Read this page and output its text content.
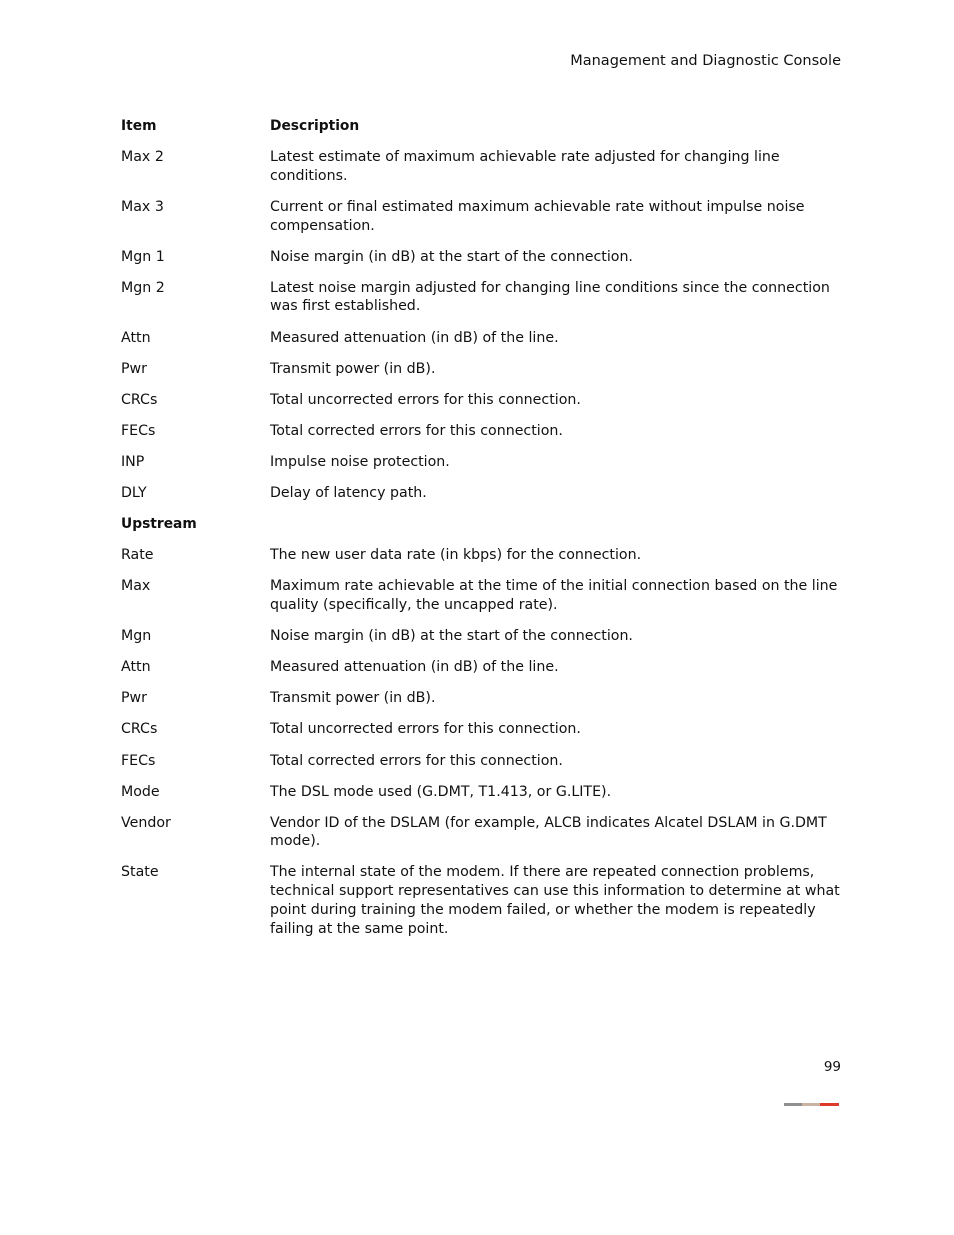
Management and Diagnostic Console
Item	Description
Max 2	Latest estimate of maximum achievable rate adjusted for changing line conditions.
Max 3	Current or final estimated maximum achievable rate without impulse noise compensation.
Mgn 1	Noise margin (in dB) at the start of the connection.
Mgn 2	Latest noise margin adjusted for changing line conditions since the connection was first established.
Attn	Measured attenuation (in dB) of the line.
Pwr	Transmit power (in dB).
CRCs	Total uncorrected errors for this connection.
FECs	Total corrected errors for this connection.
INP	Impulse noise protection.
DLY	Delay of latency path.
Upstream
Rate	The new user data rate (in kbps) for the connection.
Max	Maximum rate achievable at the time of the initial connection based on the line quality (specifically, the uncapped rate).
Mgn	Noise margin (in dB) at the start of the connection.
Attn	Measured attenuation (in dB) of the line.
Pwr	Transmit power (in dB).
CRCs	Total uncorrected errors for this connection.
FECs	Total corrected errors for this connection.
Mode	The DSL mode used (G.DMT, T1.413, or G.LITE).
Vendor	Vendor ID of the DSLAM (for example, ALCB indicates Alcatel DSLAM in G.DMT mode).
State	The internal state of the modem. If there are repeated connection problems, technical support representatives can use this information to determine at what point during training the modem failed, or whether the modem is repeatedly failing at the same point.
99
